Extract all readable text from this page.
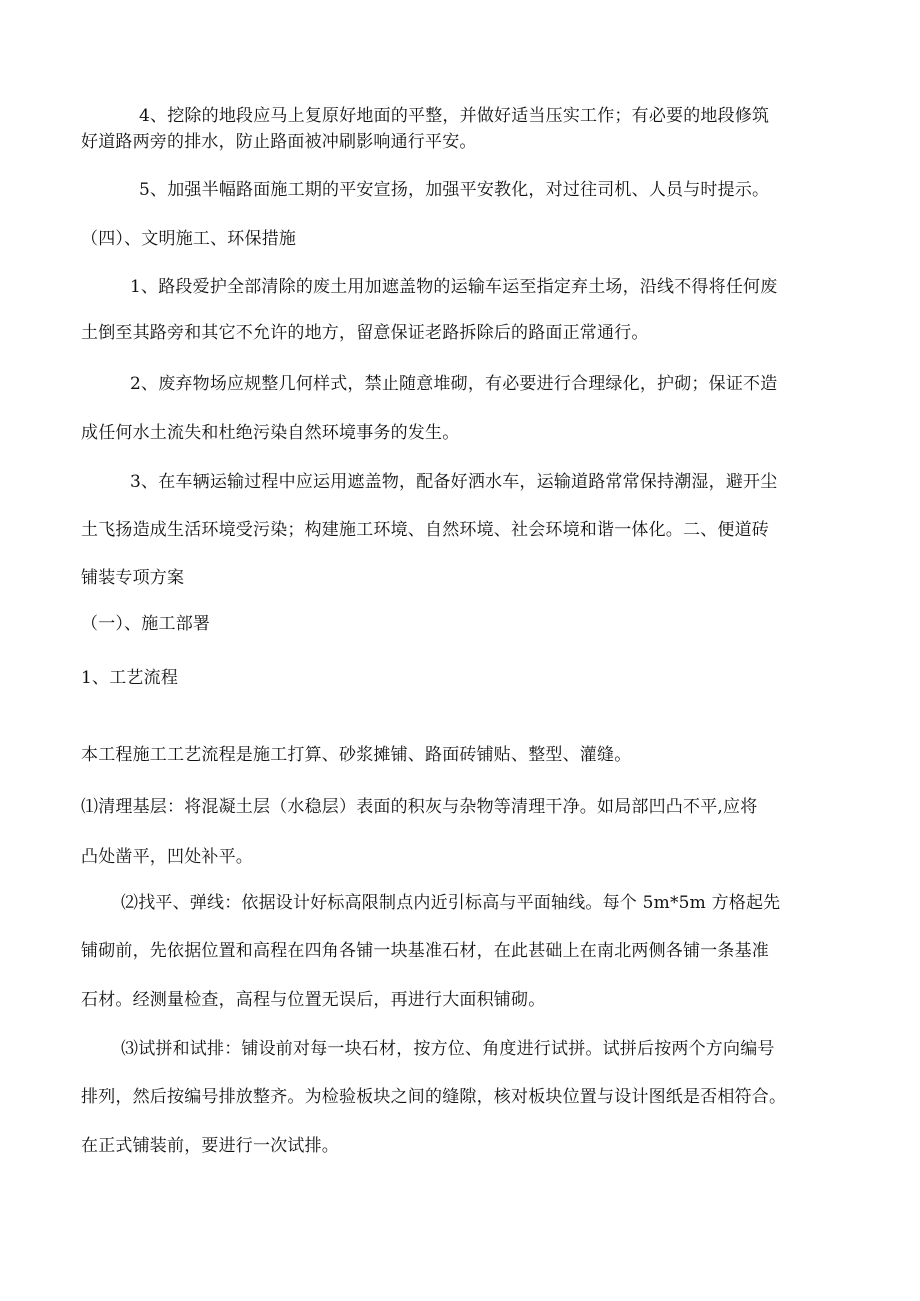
4、挖除的地段应马上复原好地面的平整，并做好适当压实工作；有必要的地段修筑
好道路两旁的排水，防止路面被冲刷影响通行平安。
5、加强半幅路面施工期的平安宣扬，加强平安教化，对过往司机、人员与时提示。
（四）、文明施工、环保措施
1、路段爱护全部清除的废土用加遮盖物的运输车运至指定弃土场，沿线不得将任何废
土倒至其路旁和其它不允许的地方，留意保证老路拆除后的路面正常通行。
2、废弃物场应规整几何样式，禁止随意堆砌，有必要进行合理绿化，护砌；保证不造
成任何水土流失和杜绝污染自然环境事务的发生。
3、在车辆运输过程中应运用遮盖物，配备好洒水车，运输道路常常保持潮湿，避开尘
土飞扬造成生活环境受污染；构建施工环境、自然环境、社会环境和谐一体化。二、便道砖
铺装专项方案
（一）、施工部署
1、工艺流程
本工程施工工艺流程是施工打算、砂浆摊铺、路面砖铺贴、整型、灌缝。
⑴清理基层：将混凝土层（水稳层）表面的积灰与杂物等清理干净。如局部凹凸不平,应将
凸处凿平，凹处补平。
⑵找平、弹线：依据设计好标高限制点内近引标高与平面轴线。每个 5m*5m 方格起先
铺砌前，先依据位置和高程在四角各铺一块基准石材，在此甚础上在南北两侧各铺一条基准
石材。经测量检查，高程与位置无误后，再进行大面积铺砌。
⑶试拼和试排：铺设前对每一块石材，按方位、角度进行试拼。试拼后按两个方向编号
排列，然后按编号排放整齐。为检验板块之间的缝隙，核对板块位置与设计图纸是否相符合。
在正式铺装前，要进行一次试排。
